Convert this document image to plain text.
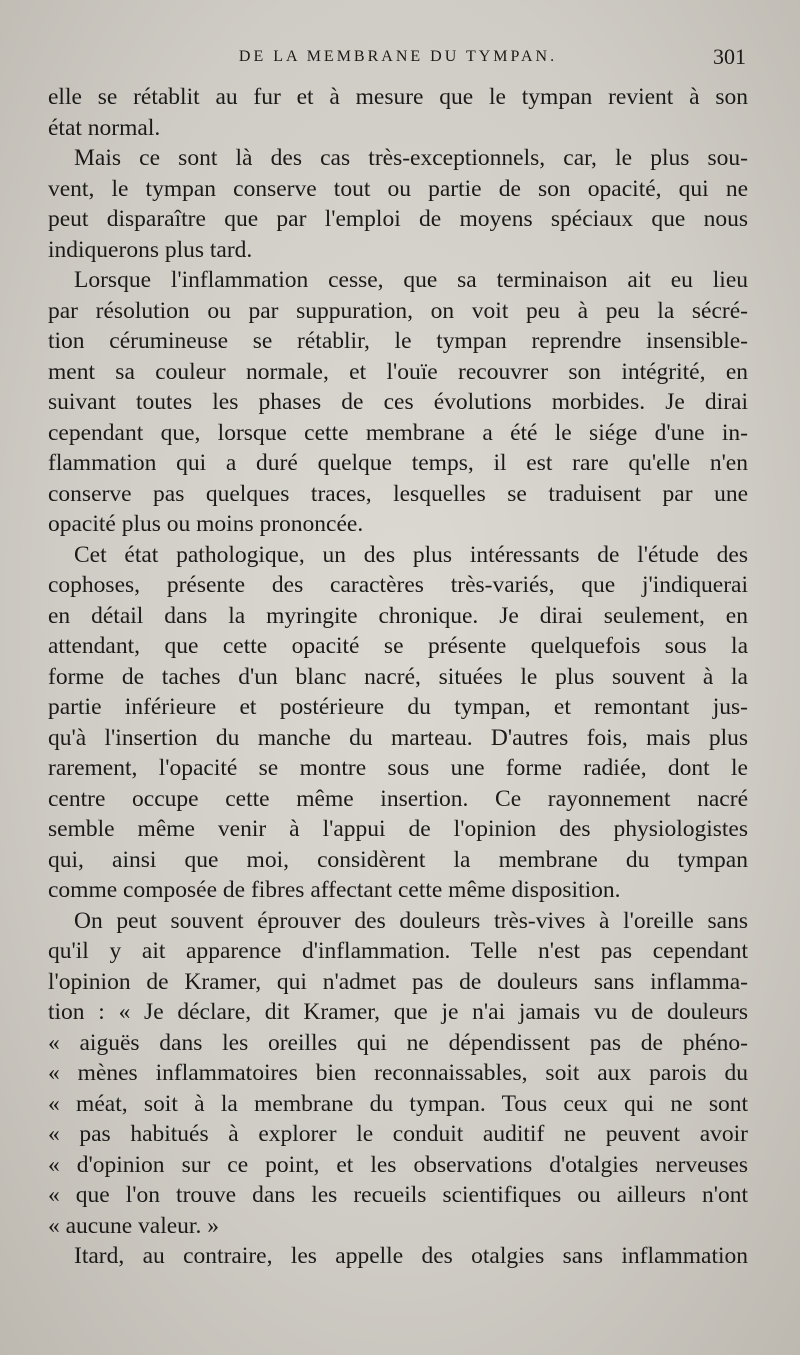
DE LA MEMBRANE DU TYMPAN.	301
elle se rétablit au fur et à mesure que le tympan revient à son
état normal.
Mais ce sont là des cas très-exceptionnels, car, le plus sou-
vent, le tympan conserve tout ou partie de son opacité, qui ne
peut disparaître que par l'emploi de moyens spéciaux que nous
indiquerons plus tard.
Lorsque l'inflammation cesse, que sa terminaison ait eu lieu
par résolution ou par suppuration, on voit peu à peu la sécré-
tion cérumineuse se rétablir, le tympan reprendre insensible-
ment sa couleur normale, et l'ouïe recouvrer son intégrité, en
suivant toutes les phases de ces évolutions morbides. Je dirai
cependant que, lorsque cette membrane a été le siége d'une in-
flammation qui a duré quelque temps, il est rare qu'elle n'en
conserve pas quelques traces, lesquelles se traduisent par une
opacité plus ou moins prononcée.
Cet état pathologique, un des plus intéressants de l'étude des
cophoses, présente des caractères très-variés, que j'indiquerai
en détail dans la myringite chronique. Je dirai seulement, en
attendant, que cette opacité se présente quelquefois sous la
forme de taches d'un blanc nacré, situées le plus souvent à la
partie inférieure et postérieure du tympan, et remontant jus-
qu'à l'insertion du manche du marteau. D'autres fois, mais plus
rarement, l'opacité se montre sous une forme radiée, dont le
centre occupe cette même insertion. Ce rayonnement nacré
semble même venir à l'appui de l'opinion des physiologistes
qui, ainsi que moi, considèrent la membrane du tympan
comme composée de fibres affectant cette même disposition.
On peut souvent éprouver des douleurs très-vives à l'oreille sans
qu'il y ait apparence d'inflammation. Telle n'est pas cependant
l'opinion de Kramer, qui n'admet pas de douleurs sans inflamma-
tion : « Je déclare, dit Kramer, que je n'ai jamais vu de douleurs
« aiguës dans les oreilles qui ne dépendissent pas de phéno-
« mènes inflammatoires bien reconnaissables, soit aux parois du
« méat, soit à la membrane du tympan. Tous ceux qui ne sont
« pas habitués à explorer le conduit auditif ne peuvent avoir
« d'opinion sur ce point, et les observations d'otalgies nerveuses
« que l'on trouve dans les recueils scientifiques ou ailleurs n'ont
« aucune valeur. »
Itard, au contraire, les appelle des otalgies sans inflammation
